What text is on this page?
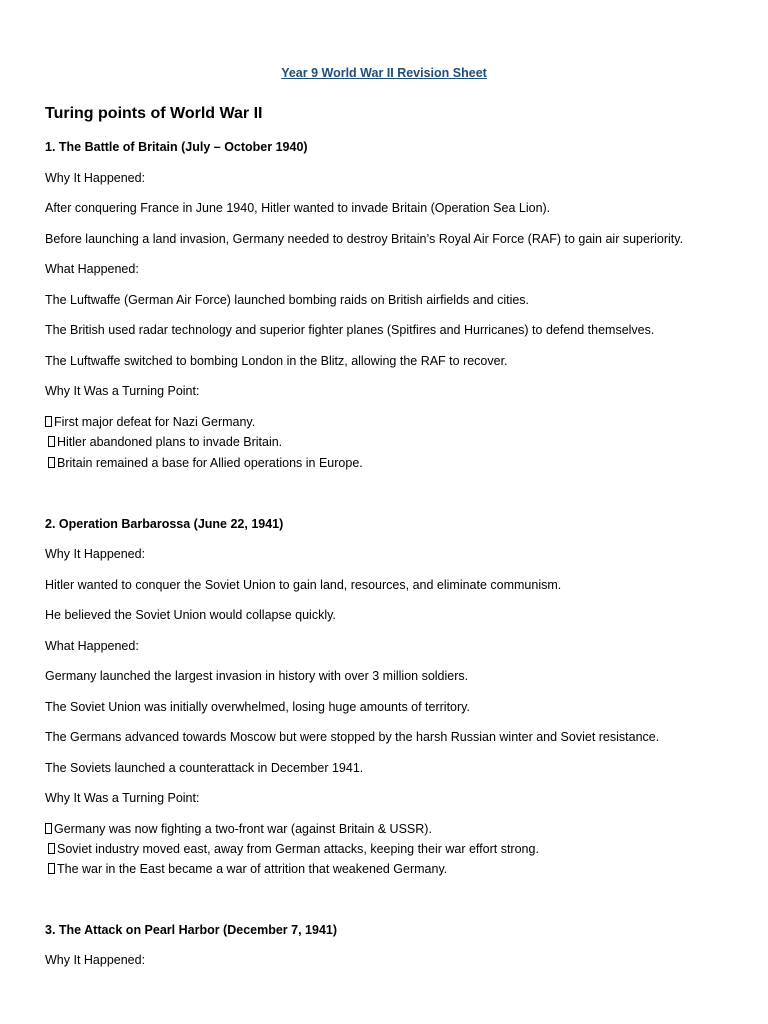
Year 9 World War II Revision Sheet
Turing points of World War II
1. The Battle of Britain (July – October 1940)
Why It Happened:
After conquering France in June 1940, Hitler wanted to invade Britain (Operation Sea Lion).
Before launching a land invasion, Germany needed to destroy Britain’s Royal Air Force (RAF) to gain air superiority.
What Happened:
The Luftwaffe (German Air Force) launched bombing raids on British airfields and cities.
The British used radar technology and superior fighter planes (Spitfires and Hurricanes) to defend themselves.
The Luftwaffe switched to bombing London in the Blitz, allowing the RAF to recover.
Why It Was a Turning Point:
First major defeat for Nazi Germany.
Hitler abandoned plans to invade Britain.
Britain remained a base for Allied operations in Europe.
2. Operation Barbarossa (June 22, 1941)
Why It Happened:
Hitler wanted to conquer the Soviet Union to gain land, resources, and eliminate communism.
He believed the Soviet Union would collapse quickly.
What Happened:
Germany launched the largest invasion in history with over 3 million soldiers.
The Soviet Union was initially overwhelmed, losing huge amounts of territory.
The Germans advanced towards Moscow but were stopped by the harsh Russian winter and Soviet resistance.
The Soviets launched a counterattack in December 1941.
Why It Was a Turning Point:
Germany was now fighting a two-front war (against Britain & USSR).
Soviet industry moved east, away from German attacks, keeping their war effort strong.
The war in the East became a war of attrition that weakened Germany.
3. The Attack on Pearl Harbor (December 7, 1941)
Why It Happened:
